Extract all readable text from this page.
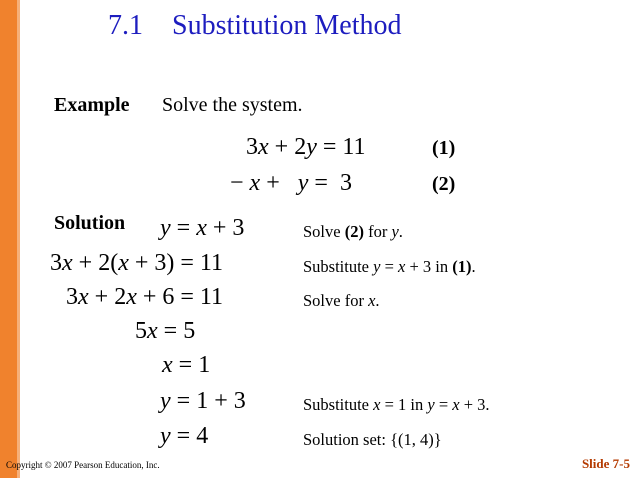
7.1 Substitution Method
Example Solve the system.
3x + 2y = 11	(1)
− x +   y =  3	(2)
Solution y = x + 3	Solve (2) for y.
3x + 2(x + 3) = 11	Substitute y = x + 3 in (1).
3x + 2x + 6 = 11	Solve for x.
5x = 5
x = 1
y = 1 + 3	Substitute x = 1 in y = x + 3.
y = 4	Solution set: {(1, 4)}
Copyright © 2007 Pearson Education, Inc.	Slide 7-5
